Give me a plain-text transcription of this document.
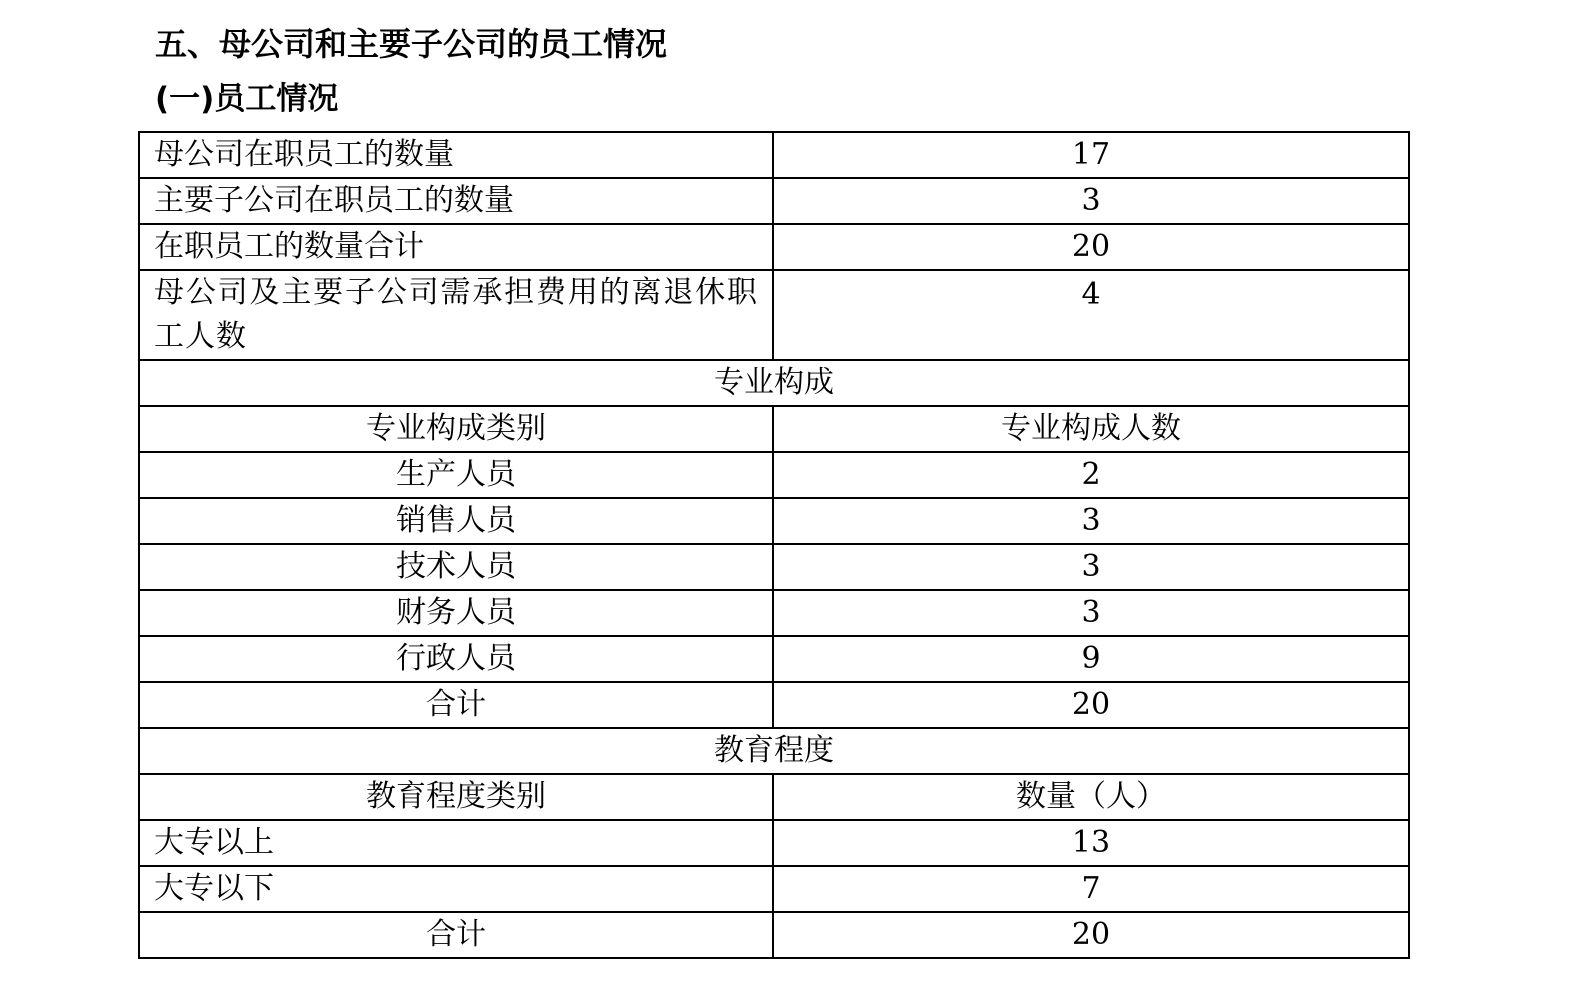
五、母公司和主要子公司的员工情况
(一)员工情况
母公司在职员工的数量	17
主要子公司在职员工的数量	3
在职员工的数量合计	20
母公司及主要子公司需承担费用的离退休职工人数	4
专业构成	
专业构成类别	专业构成人数
生产人员	2
销售人员	3
技术人员	3
财务人员	3
行政人员	9
合计	20
教育程度	
教育程度类别	数量（人）
大专以上	13
大专以下	7
合计	20
